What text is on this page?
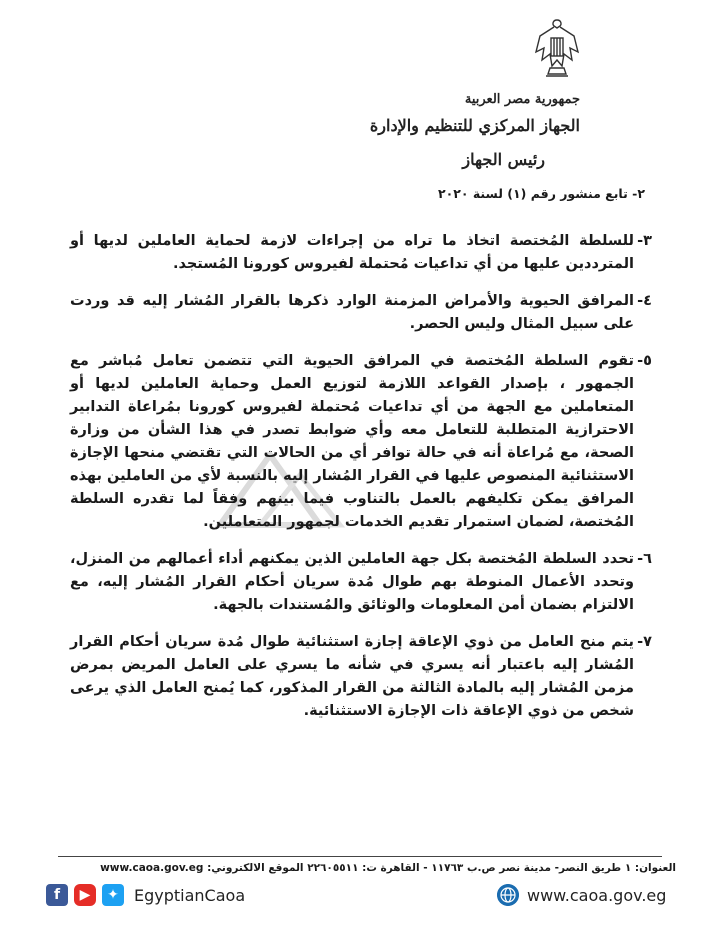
جمهورية مصر العربية
الجهاز المركزي للتنظيم والإدارة
رئيس الجهاز
٢- تابع منشور رقم (١) لسنة ٢٠٢٠
٣-
للسلطة المُختصة اتخاذ ما تراه من إجراءات لازمة لحماية العاملين لديها أو المترددين عليها من أي تداعيات مُحتملة لفيروس كورونا المُستجد.
٤-
المرافق الحيوية والأمراض المزمنة الوارد ذكرها بالقرار المُشار إليه قد وردت على سبيل المثال وليس الحصر.
٥-
تقوم السلطة المُختصة في المرافق الحيوية التي تتضمن تعامل مُباشر مع الجمهور ، بإصدار القواعد اللازمة لتوزيع العمل وحماية العاملين لديها أو المتعاملين مع الجهة من أي تداعيات مُحتملة لفيروس كورونا بمُراعاة التدابير الاحترازية المتطلبة للتعامل معه وأي ضوابط تصدر في هذا الشأن من وزارة الصحة، مع مُراعاة أنه في حالة توافر أي من الحالات التي تقتضي منحها الإجازة الاستثنائية المنصوص عليها في القرار المُشار إليه بالنسبة لأي من العاملين بهذه المرافق يمكن تكليفهم بالعمل بالتناوب فيما بينهم وفقاً لما تقدره السلطة المُختصة، لضمان استمرار تقديم الخدمات لجمهور المتعاملين.
٦-
تحدد السلطة المُختصة بكل جهة العاملين الذين يمكنهم أداء أعمالهم من المنزل، وتحدد الأعمال المنوطة بهم طوال مُدة سريان أحكام القرار المُشار إليه، مع الالتزام بضمان أمن المعلومات والوثائق والمُستندات بالجهة.
٧-
يتم منح العامل من ذوي الإعاقة إجازة استثنائية طوال مُدة سريان أحكام القرار المُشار إليه باعتبار أنه يسري في شأنه ما يسري على العامل المريض بمرض مزمن المُشار إليه بالمادة الثالثة من القرار المذكور، كما يُمنح العامل الذي يرعى شخص من ذوي الإعاقة ذات الإجازة الاستثنائية.
العنوان: ١ طريق النصر- مدينة نصر ص.ب ١١٧٦٣ - القاهرة ت: ٢٢٦٠٥٥١١ الموقع الالكتروني: www.caoa.gov.eg
f	▶	✦ EgyptianCaoa	www.caoa.gov.eg
